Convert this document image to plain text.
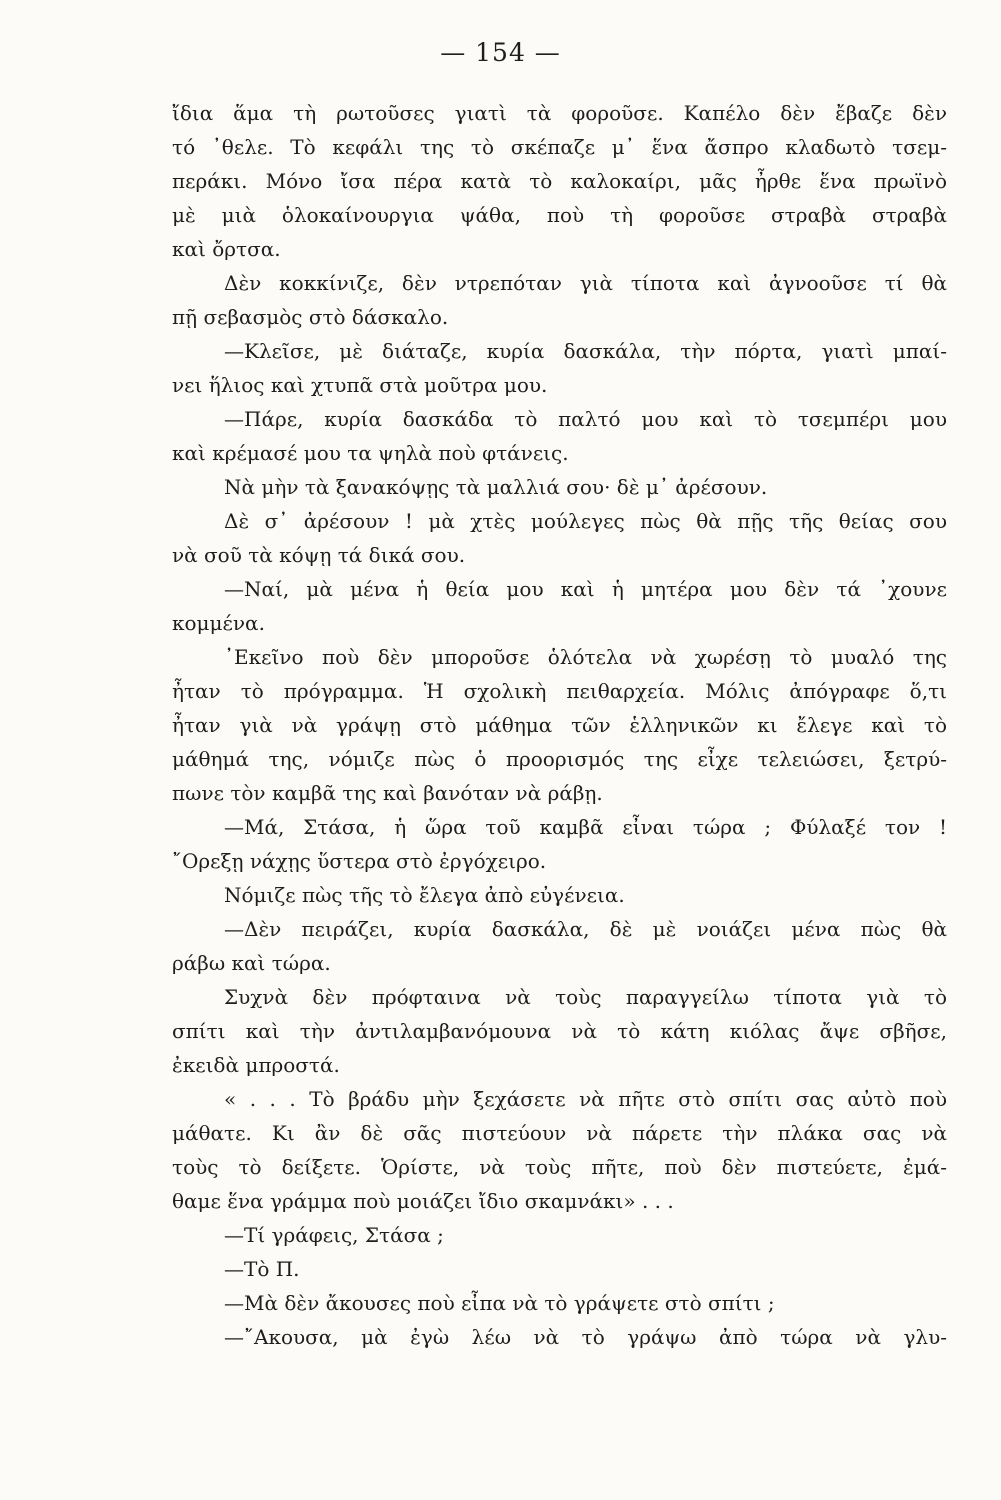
— 154 —
ἴδια ἅμα τὴ ρωτοῦσες γιατὶ τὰ φοροῦσε. Καπέλο δὲν ἔβαζε δὲν
τό ᾽θελε. Τὸ κεφάλι της τὸ σκέπαζε μ᾽ ἕνα ἄσπρο κλαδωτὸ τσεμ-
περάκι. Μόνο ἴσα πέρα κατὰ τὸ καλοκαίρι, μᾶς ἦρθε ἕνα πρωϊνὸ
μὲ μιὰ ὁλοκαίνουργια ψάθα, ποὺ τὴ φοροῦσε στραβὰ στραβὰ
καὶ ὄρτσα.
Δὲν κοκκίνιζε, δὲν ντρεπόταν γιὰ τίποτα καὶ ἀγνοοῦσε τί θὰ
πῇ σεβασμὸς στὸ δάσκαλο.
—Κλεῖσε, μὲ διάταζε, κυρία δασκάλα, τὴν πόρτα, γιατὶ μπαί-
νει ἥλιος καὶ χτυπᾶ στὰ μοῦτρα μου.
—Πάρε, κυρία δασκάδα τὸ παλτό μου καὶ τὸ τσεμπέρι μου
καὶ κρέμασέ μου τα ψηλὰ ποὺ φτάνεις.
Νὰ μὴν τὰ ξανακόψῃς τὰ μαλλιά σου· δὲ μ᾽ ἀρέσουν.
Δὲ σ᾽ ἀρέσουν ! μὰ χτὲς μούλεγες πὼς θὰ πῇς τῆς θείας σου
νὰ σοῦ τὰ κόψῃ τά δικά σου.
—Ναί, μὰ μένα ἡ θεία μου καὶ ἡ μητέρα μου δὲν τά ᾽χουνε
κομμένα.
᾽Εκεῖνο ποὺ δὲν μποροῦσε ὁλότελα νὰ χωρέσῃ τὸ μυαλό της
ἦταν τὸ πρόγραμμα. Ἡ σχολικὴ πειθαρχεία. Μόλις ἀπόγραφε ὅ,τι
ἦταν γιὰ νὰ γράψῃ στὸ μάθημα τῶν ἑλληνικῶν κι ἔλεγε καὶ τὸ
μάθημά της, νόμιζε πὼς ὁ προορισμός της εἶχε τελειώσει, ξετρύ-
πωνε τὸν καμβᾶ της καὶ βανόταν νὰ ράβῃ.
—Μά, Στάσα, ἡ ὥρα τοῦ καμβᾶ εἶναι τώρα ; Φύλαξέ τον !
῎Ορεξῃ νάχῃς ὕστερα στὸ ἐργόχειρο.
Νόμιζε πὼς τῆς τὸ ἔλεγα ἀπὸ εὐγένεια.
—Δὲν πειράζει, κυρία δασκάλα, δὲ μὲ νοιάζει μένα πὼς θὰ
ράβω καὶ τώρα.
Συχνὰ δὲν πρόφταινα νὰ τοὺς παραγγείλω τίποτα γιὰ τὸ
σπίτι καὶ τὴν ἀντιλαμβανόμουνα νὰ τὸ κάτη κιόλας ἄψε σβῆσε,
ἐκειδὰ μπροστά.
« . . . Τὸ βράδυ μὴν ξεχάσετε νὰ πῆτε στὸ σπίτι σας αὐτὸ ποὺ
μάθατε. Κι ἂν δὲ σᾶς πιστεύουν νὰ πάρετε τὴν πλάκα σας νὰ
τοὺς τὸ δείξετε. Ὁρίστε, νὰ τοὺς πῆτε, ποὺ δὲν πιστεύετε, ἐμά-
θαμε ἕνα γράμμα ποὺ μοιάζει ἴδιο σκαμνάκι» . . .
—Τί γράφεις, Στάσα ;
—Τὸ Π.
—Μὰ δὲν ἄκουσες ποὺ εἶπα νὰ τὸ γράψετε στὸ σπίτι ;
—῎Ακουσα, μὰ ἐγὼ λέω νὰ τὸ γράψω ἀπὸ τώρα νὰ γλυ-
